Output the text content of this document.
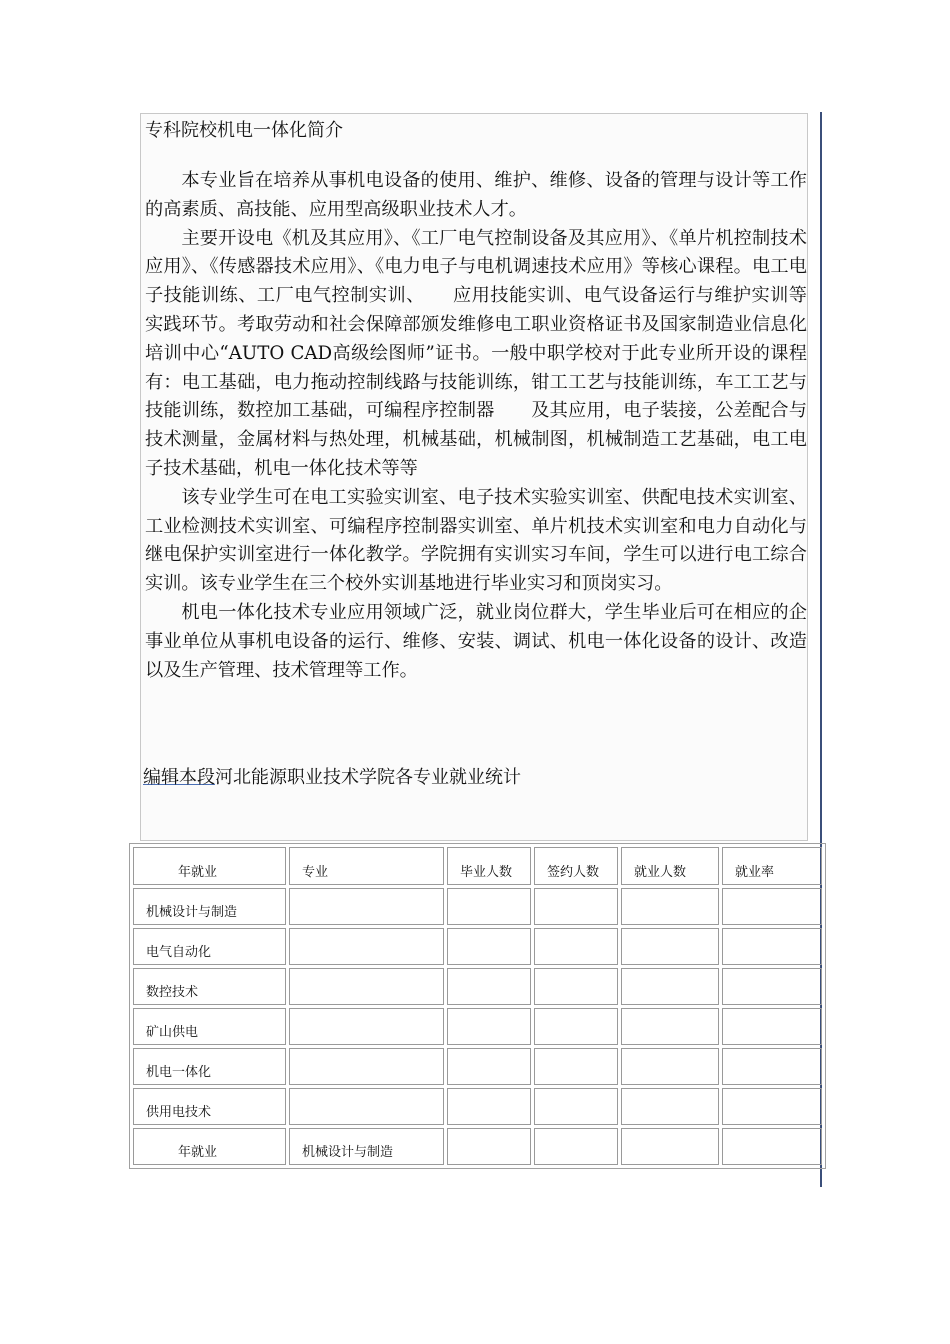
专科院校机电一体化简介

本专业旨在培养从事机电设备的使用、维护、维修、设备的管理与设计等工作的高素质、高技能、应用型高级职业技术人才。

主要开设电《机及其应用》、《工厂电气控制设备及其应用》、《单片机控制技术应用》、《传感器技术应用》、《电力电子与电机调速技术应用》等核心课程。电工电子技能训练、工厂电气控制实训、　　应用技能实训、电气设备运行与维护实训等实践环节。考取劳动和社会保障部颁发维修电工职业资格证书及国家制造业信息化培训中心“AUTO CAD高级绘图师”证书。一般中职学校对于此专业所开设的课程有：电工基础，电力拖动控制线路与技能训练，钳工工艺与技能训练，车工工艺与技能训练，数控加工基础，可编程序控制器　　及其应用，电子装接，公差配合与技术测量，金属材料与热处理，机械基础，机械制图，机械制造工艺基础，电工电子技术基础，机电一体化技术等等

该专业学生可在电工实验实训室、电子技术实验实训室、供配电技术实训室、工业检测技术实训室、可编程序控制器实训室、单片机技术实训室和电力自动化与继电保护实训室进行一体化教学。学院拥有实训实习车间，学生可以进行电工综合实训。该专业学生在三个校外实训基地进行毕业实习和顶岗实习。

机电一体化技术专业应用领域广泛，就业岗位群大，学生毕业后可在相应的企事业单位从事机电设备的运行、维修、安装、调试、机电一体化设备的设计、改造以及生产管理、技术管理等工作。

编辑本段河北能源职业技术学院各专业就业统计
年就业	专业	毕业人数	签约人数	就业人数	就业率
机械设计与制造					
电气自动化					
数控技术					
矿山供电					
机电一体化					
供用电技术					
年就业	机械设计与制造				
